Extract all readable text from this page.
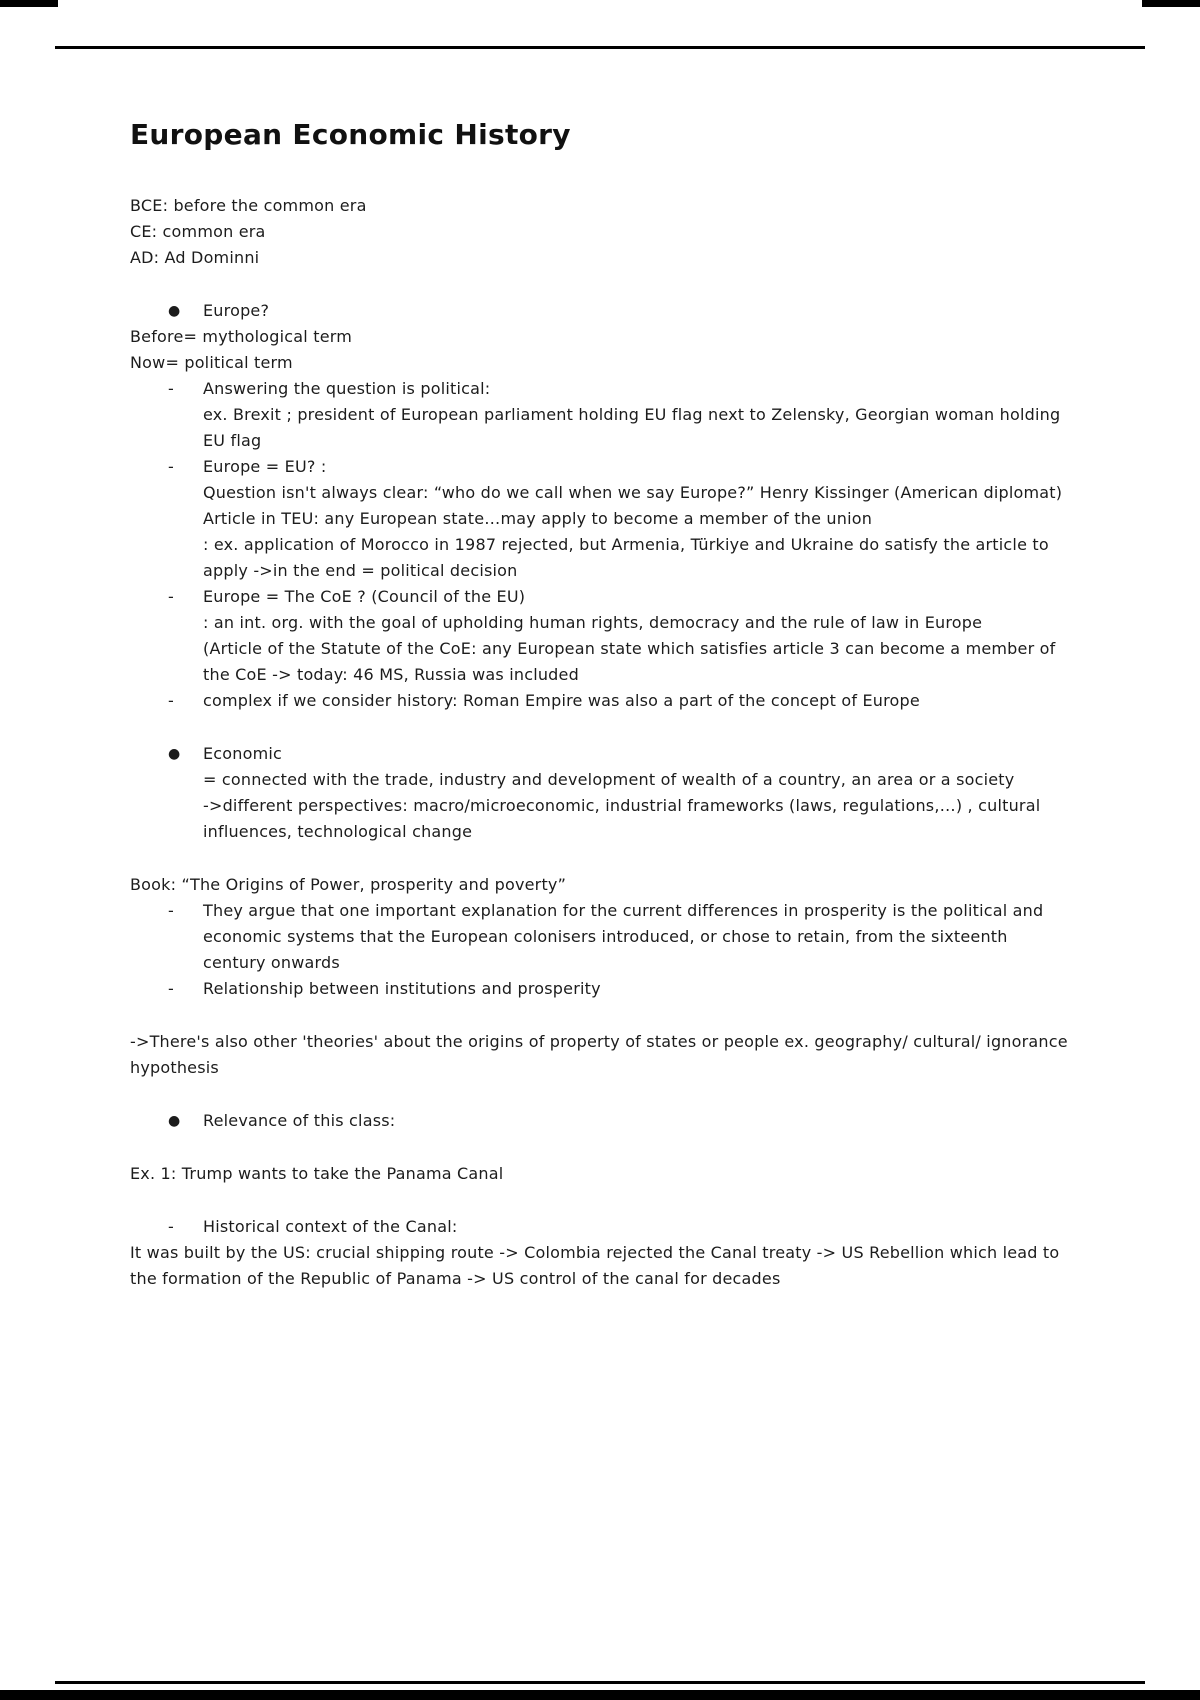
European Economic History
BCE: before the common era
CE: common era
AD: Ad Dominni
●	Europe?
Before= mythological term
Now= political term
-	Answering the question is political:
ex. Brexit ; president of European parliament holding EU flag next to Zelensky, Georgian woman holding EU flag
-	Europe = EU? :
Question isn't always clear: “who do we call when we say Europe?” Henry Kissinger (American diplomat)
Article in TEU: any European state…may apply to become a member of the union
: ex. application of Morocco in 1987 rejected, but Armenia, Türkiye and Ukraine do satisfy the article to apply ->in the end = political decision
-	Europe = The CoE ? (Council of the EU)
: an int. org. with the goal of upholding human rights, democracy and the rule of law in Europe
(Article of the Statute of the CoE: any European state which satisfies article 3 can become a member of the CoE -> today: 46 MS, Russia was included
-	complex if we consider history: Roman Empire was also a part of the concept of Europe
●	Economic
= connected with the trade, industry and development of wealth of a country, an area or a society
->different perspectives: macro/microeconomic, industrial frameworks (laws, regulations,…) , cultural influences, technological change
Book: “The Origins of Power, prosperity and poverty”
-	They argue that one important explanation for the current differences in prosperity is the political and economic systems that the European colonisers introduced, or chose to retain, from the sixteenth century onwards
-	Relationship between institutions and prosperity
->There's also other 'theories' about the origins of property of states or people ex. geography/ cultural/ ignorance hypothesis
●	Relevance of this class:
Ex. 1: Trump wants to take the Panama Canal
-	Historical context of the Canal:
It was built by the US: crucial shipping route -> Colombia rejected the Canal treaty -> US Rebellion which lead to the formation of the Republic of Panama -> US control of the canal for decades
